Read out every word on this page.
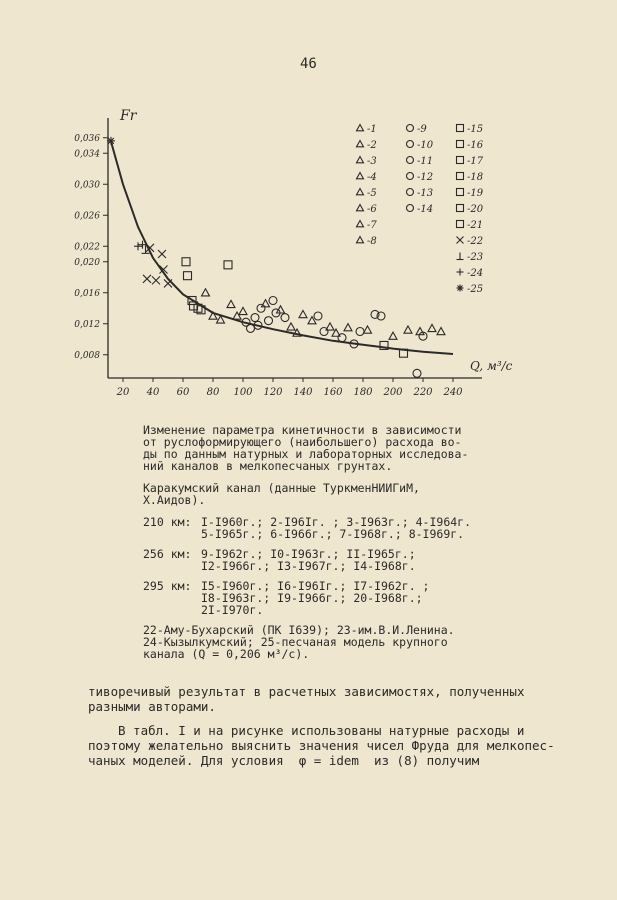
46
0,008
0,012
0,016
0,020
0,022
0,026
0,030
0,034
0,036
20 40 60 80 100 120 140 160 180 200 220 240
Fr
Q, м³/с
-1
-2
-3
-4
-5
-6
-7
-8
-9
-10
-11
-12
-13
-14
-15
-16
-17
-18
-19
-20
-21
-22
-23
-24
-25

Изменение параметра кинетичности в зависимости
от руслоформирующего (наибольшего) расхода во-
ды по данным натурных и лабораторных исследова-
ний каналов в мелкопесчаных грунтах.

Каракумский канал (данные ТуркменНИИГиМ,
Х.Аидов).

210 км: I-I960г.; 2-I96Iг. ; 3-I963г.; 4-I964г.
5-I965г.; 6-I966г.; 7-I968г.; 8-I969г.
256 км: 9-I962г.; I0-I963г.; II-I965г.;
I2-I966г.; I3-I967г.; I4-I968г.
295 км: I5-I960г.; I6-I96Iг.; I7-I962г. ;
I8-I963г.; I9-I966г.; 20-I968г.;
2I-I970г.

22-Аму-Бухарский (ПК I639); 23-им.В.И.Ленина.
24-Кызылкумский; 25-песчаная модель крупного
канала (Q = 0,206 м³/с).

тиворечивый результат в расчетных зависимостях, полученных
разными авторами.

В табл. I и на рисунке использованы натурные расходы и
поэтому желательно выяснить значения чисел Фруда для мелкопес-
чаных моделей. Для условия  φ = idem  из (8) получим
